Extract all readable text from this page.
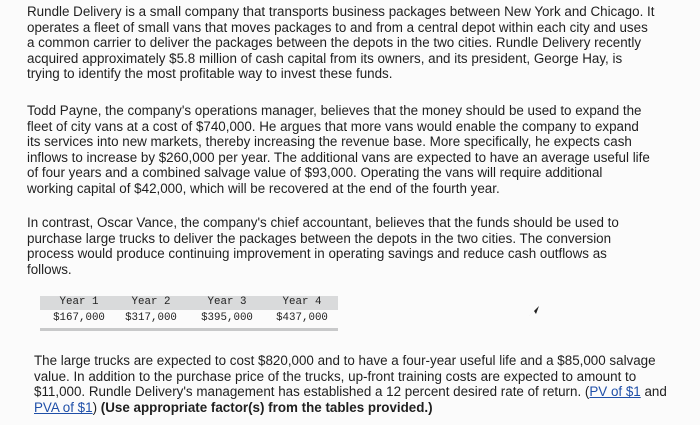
Rundle Delivery is a small company that transports business packages between New York and Chicago. It
operates a fleet of small vans that moves packages to and from a central depot within each city and uses
a common carrier to deliver the packages between the depots in the two cities. Rundle Delivery recently
acquired approximately $5.8 million of cash capital from its owners, and its president, George Hay, is
trying to identify the most profitable way to invest these funds.

Todd Payne, the company's operations manager, believes that the money should be used to expand the
fleet of city vans at a cost of $740,000. He argues that more vans would enable the company to expand
its services into new markets, thereby increasing the revenue base. More specifically, he expects cash
inflows to increase by $260,000 per year. The additional vans are expected to have an average useful life
of four years and a combined salvage value of $93,000. Operating the vans will require additional
working capital of $42,000, which will be recovered at the end of the fourth year.

In contrast, Oscar Vance, the company's chief accountant, believes that the funds should be used to
purchase large trucks to deliver the packages between the depots in the two cities. The conversion
process would produce continuing improvement in operating savings and reduce cash outflows as
follows.

Year 1
$167,000
Year 2
$317,000
Year 3
$395,000
Year 4
$437,000

The large trucks are expected to cost $820,000 and to have a four-year useful life and a $85,000 salvage
value. In addition to the purchase price of the trucks, up-front training costs are expected to amount to
$11,000. Rundle Delivery's management has established a 12 percent desired rate of return. (PV of $1 and
PVA of $1) (Use appropriate factor(s) from the tables provided.)
